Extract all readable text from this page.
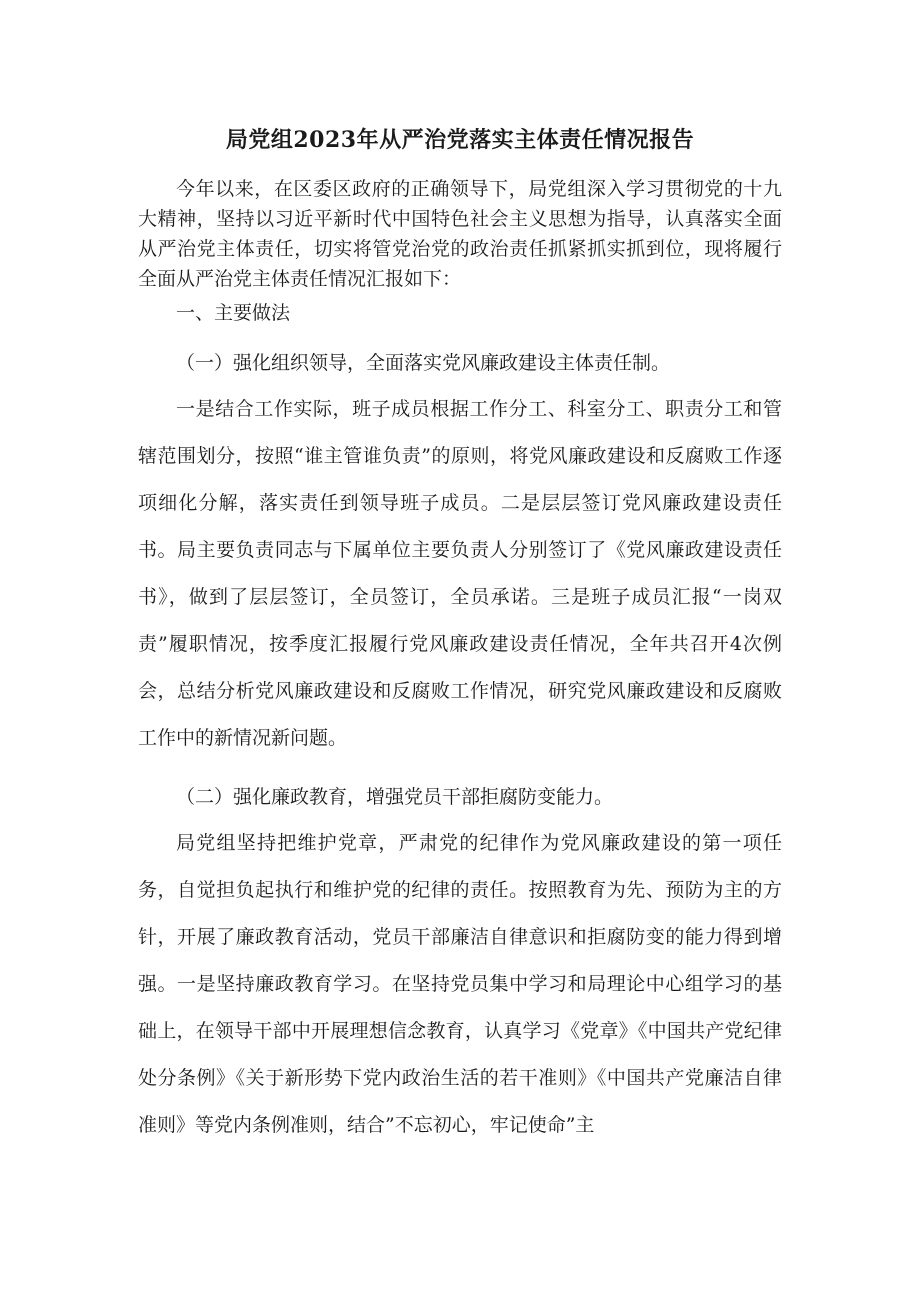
局党组2023年从严治党落实主体责任情况报告

今年以来，在区委区政府的正确领导下，局党组深入学习贯彻党的十九大精神，坚持以习近平新时代中国特色社会主义思想为指导，认真落实全面从严治党主体责任，切实将管党治党的政治责任抓紧抓实抓到位，现将履行全面从严治党主体责任情况汇报如下：

一、主要做法
（一）强化组织领导，全面落实党风廉政建设主体责任制。

一是结合工作实际，班子成员根据工作分工、科室分工、职责分工和管辖范围划分，按照“谁主管谁负责”的原则，将党风廉政建设和反腐败工作逐项细化分解，落实责任到领导班子成员。二是层层签订党风廉政建设责任书。局主要负责同志与下属单位主要负责人分别签订了《党风廉政建设责任书》，做到了层层签订，全员签订，全员承诺。三是班子成员汇报“一岗双责”履职情况，按季度汇报履行党风廉政建设责任情况，全年共召开4次例会，总结分析党风廉政建设和反腐败工作情况，研究党风廉政建设和反腐败工作中的新情况新问题。

（二）强化廉政教育，增强党员干部拒腐防变能力。

局党组坚持把维护党章，严肃党的纪律作为党风廉政建设的第一项任务，自觉担负起执行和维护党的纪律的责任。按照教育为先、预防为主的方针，开展了廉政教育活动，党员干部廉洁自律意识和拒腐防变的能力得到增强。一是坚持廉政教育学习。在坚持党员集中学习和局理论中心组学习的基础上，在领导干部中开展理想信念教育，认真学习《党章》《中国共产党纪律处分条例》《关于新形势下党内政治生活的若干准则》《中国共产党廉洁自律准则》等党内条例准则，结合”不忘初心，牢记使命”主
